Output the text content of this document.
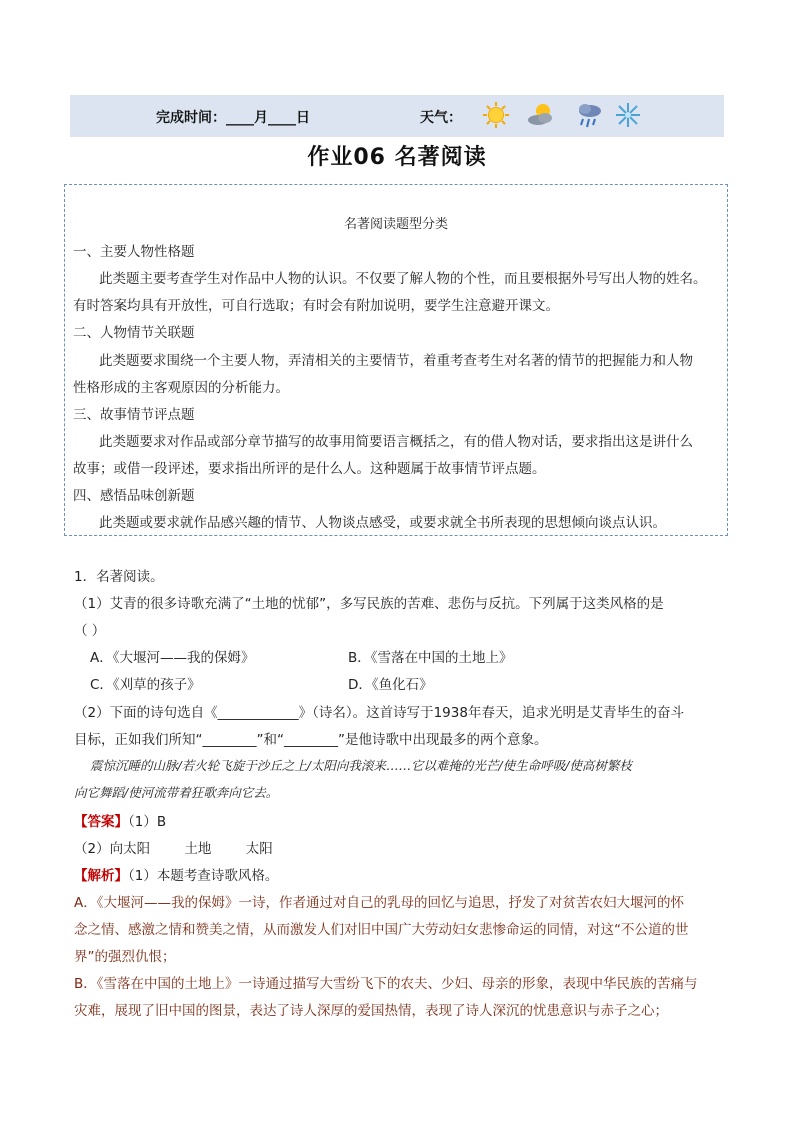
完成时间：____月____日	天气：
作业06 名著阅读
名著阅读题型分类
一、主要人物性格题
此类题主要考查学生对作品中人物的认识。不仅要了解人物的个性，而且要根据外号写出人物的姓名。
有时答案均具有开放性，可自行选取；有时会有附加说明，要学生注意避开课文。
二、人物情节关联题
此类题要求围绕一个主要人物，弄清相关的主要情节，着重考查考生对名著的情节的把握能力和人物
性格形成的主客观原因的分析能力。
三、故事情节评点题
此类题要求对作品或部分章节描写的故事用简要语言概括之，有的借人物对话，要求指出这是讲什么
故事；或借一段评述，要求指出所评的是什么人。这种题属于故事情节评点题。
四、感悟品味创新题
此类题或要求就作品感兴趣的情节、人物谈点感受，或要求就全书所表现的思想倾向谈点认识。
1．名著阅读。
（1）艾青的很多诗歌充满了“土地的忧郁”，多写民族的苦难、悲伤与反抗。下列属于这类风格的是
（ ）
A．《大堰河——我的保姆》	B．《雪落在中国的土地上》
C．《刈草的孩子》	D．《鱼化石》
（2）下面的诗句选自《____________》（诗名）。这首诗写于1938年春天，追求光明是艾青毕生的奋斗
目标，正如我们所知“________”和“________”是他诗歌中出现最多的两个意象。
震惊沉睡的山脉/若火轮飞旋于沙丘之上/太阳向我滚来……它以难掩的光芒/使生命呼吸/使高树繁枝
向它舞蹈/使河流带着狂歌奔向它去。
【答案】（1）B
（2）向太阳        土地        太阳
【解析】（1）本题考查诗歌风格。
A．《大堰河——我的保姆》一诗，作者通过对自己的乳母的回忆与追思，抒发了对贫苦农妇大堰河的怀
念之情、感激之情和赞美之情，从而激发人们对旧中国广大劳动妇女悲惨命运的同情，对这“不公道的世
界”的强烈仇恨；
B．《雪落在中国的土地上》一诗通过描写大雪纷飞下的农夫、少妇、母亲的形象，表现中华民族的苦痛与
灾难，展现了旧中国的图景，表达了诗人深厚的爱国热情，表现了诗人深沉的忧患意识与赤子之心；
